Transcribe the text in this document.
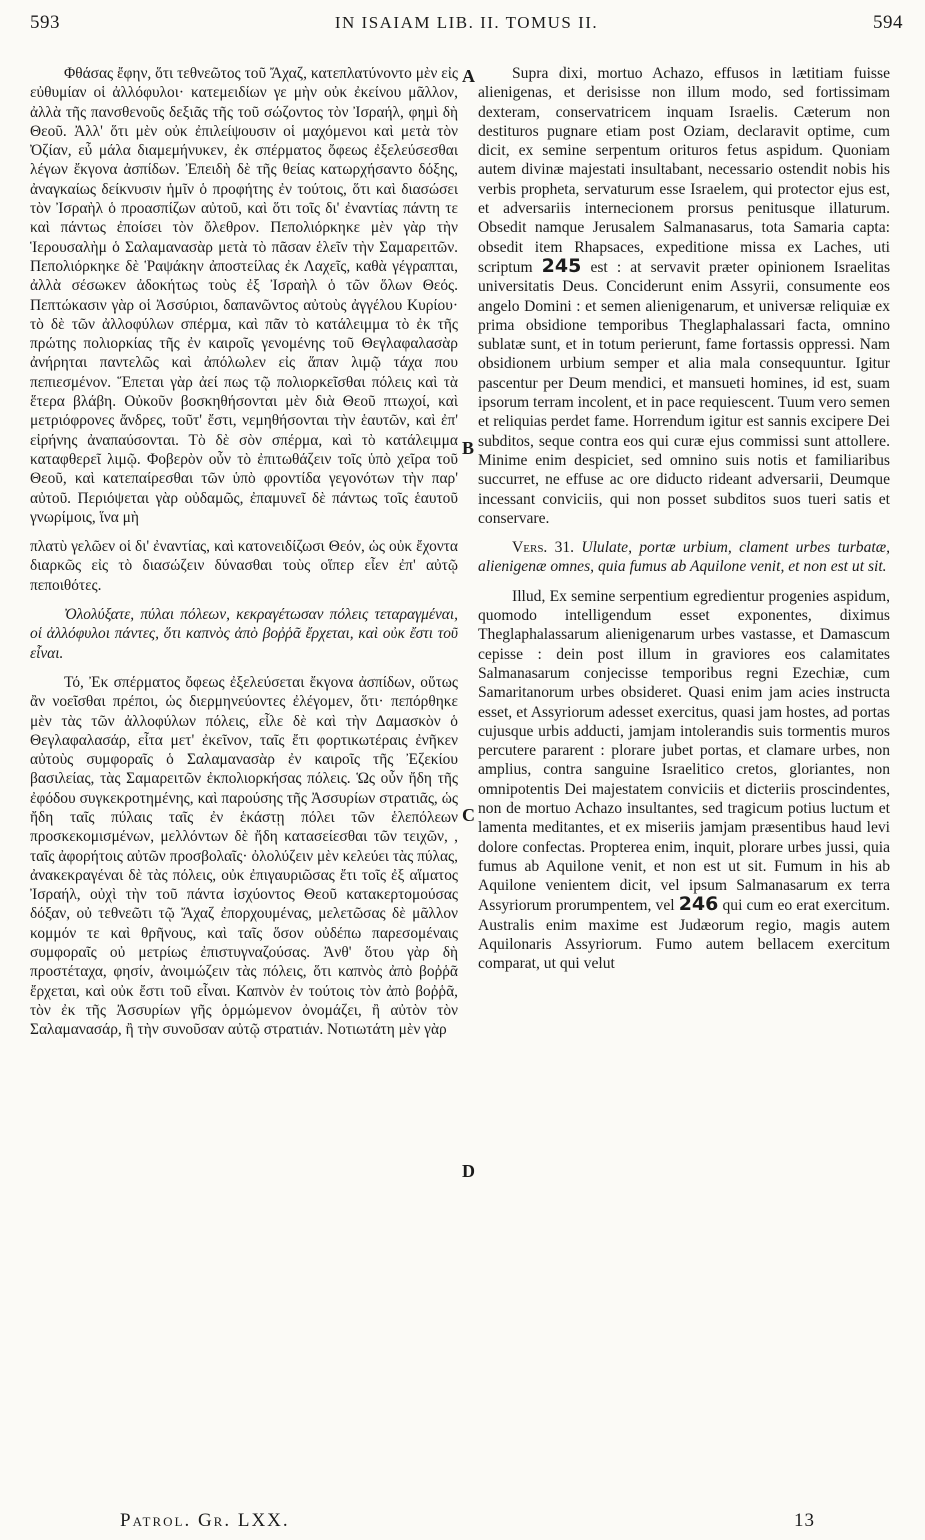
593	IN ISAIAM LIB. II. TOMUS II.	594

Φθάσας ἔφην, ὅτι τεθνεῶτος τοῦ Ἄχαζ, κατεπλατύνοντο μὲν εἰς εὐθυμίαν οἱ ἀλλόφυλοι· κατεμειδίων γε μὴν οὐκ ἐκείνου μᾶλλον, ἀλλὰ τῆς πανσθενοῦς δεξιᾶς τῆς τοῦ σώζοντος τὸν Ἰσραήλ, φημὶ δὴ Θεοῦ. Ἀλλ' ὅτι μὲν οὐκ ἐπιλείψουσιν οἱ μαχόμενοι καὶ μετὰ τὸν Ὀζίαν, εὖ μάλα διαμεμήνυκεν, ἐκ σπέρματος ὄφεως ἐξελεύσεσθαι λέγων ἔκγονα ἀσπίδων. Ἐπειδὴ δὲ τῆς θείας κατωρχήσαντο δόξης, ἀναγκαίως δείκνυσιν ἡμῖν ὁ προφήτης ἐν τούτοις, ὅτι καὶ διασώσει τὸν Ἰσραὴλ ὁ προασπίζων αὐτοῦ, καὶ ὅτι τοῖς δι' ἐναντίας πάντη τε καὶ πάντως ἐποίσει τὸν ὄλεθρον. Πεπολιόρκηκε μὲν γὰρ τὴν Ἱερουσαλὴμ ὁ Σαλαμανασὰρ μετὰ τὸ πᾶσαν ἑλεῖν τὴν Σαμαρειτῶν. Πεπολιόρκηκε δὲ Ῥαψάκην ἀποστείλας ἐκ Λαχεῖς, καθὰ γέγραπται, ἀλλὰ σέσωκεν ἀδοκήτως τοὺς ἐξ Ἰσραὴλ ὁ τῶν ὅλων Θεός. Πεπτώκασιν γὰρ οἱ Ἀσσύριοι, δαπανῶντος αὐτοὺς ἀγγέλου Κυρίου· τὸ δὲ τῶν ἀλλοφύλων σπέρμα, καὶ πᾶν τὸ κατάλειμμα τὸ ἐκ τῆς πρώτης πολιορκίας τῆς ἐν καιροῖς γενομένης τοῦ Θεγλαφαλασὰρ ἀνήρηται παντελῶς καὶ ἀπόλωλεν εἰς ἅπαν λιμῷ τάχα που πεπιεσμένον. Ἕπεται γὰρ ἀεί πως τῷ πολιορκεῖσθαι πόλεις καὶ τὰ ἕτερα βλάβη. Οὐκοῦν βοσκηθήσονται μὲν διὰ Θεοῦ πτωχοί, καὶ μετριόφρονες ἄνδρες, τοῦτ' ἔστι, νεμηθήσονται τὴν ἑαυτῶν, καὶ ἐπ' εἰρήνης ἀναπαύσονται. Τὸ δὲ σὸν σπέρμα, καὶ τὸ κατάλειμμα καταφθερεῖ λιμῷ. Φοβερὸν οὖν τὸ ἐπιτωθάζειν τοῖς ὑπὸ χεῖρα τοῦ Θεοῦ, καὶ κατεπαίρεσθαι τῶν ὑπὸ φροντίδα γεγονότων τὴν παρ' αὐτοῦ. Περιόψεται γὰρ οὐδαμῶς, ἐπαμυνεῖ δὲ πάντως τοῖς ἑαυτοῦ γνωρίμοις, ἵνα μὴ

πλατὺ γελῶεν οἱ δι' ἐναντίας, καὶ κατονειδίζωσι Θεόν, ὡς οὐκ ἔχοντα διαρκῶς εἰς τὸ διασώζειν δύνασθαι τοὺς οἵπερ εἶεν ἐπ' αὐτῷ πεποιθότες.

Ὀλολύξατε, πύλαι πόλεων, κεκραγέτωσαν πόλεις τεταραγμέναι, οἱ ἀλλόφυλοι πάντες, ὅτι καπνὸς ἀπὸ βοῤῥᾶ ἔρχεται, καὶ οὐκ ἔστι τοῦ εἶναι.

Τό, Ἐκ σπέρματος ὄφεως ἐξελεύσεται ἔκγονα ἀσπίδων, οὕτως ἂν νοεῖσθαι πρέποι, ὡς διερμηνεύοντες ἐλέγομεν, ὅτι· πεπόρθηκε μὲν τὰς τῶν ἀλλοφύλων πόλεις, εἷλε δὲ καὶ τὴν Δαμασκὸν ὁ Θεγλαφαλασάρ, εἶτα μετ' ἐκεῖνον, ταῖς ἔτι φορτικωτέραις ἐνῆκεν αὐτοὺς συμφοραῖς ὁ Σαλαμανασὰρ ἐν καιροῖς τῆς Ἐζεκίου βασιλείας, τὰς Σαμαρειτῶν ἐκπολιορκήσας πόλεις. Ὡς οὖν ἤδη τῆς ἐφόδου συγκεκροτημένης, καὶ παρούσης τῆς Ἀσσυρίων στρατιᾶς, ὡς ἤδη ταῖς πύλαις ταῖς ἐν ἑκάστῃ πόλει τῶν ἑλεπόλεων προσκεκομισμένων, μελλόντων δὲ ἤδη κατασείεσθαι τῶν τειχῶν, , ταῖς ἀφορήτοις αὐτῶν προσβολαῖς· ὀλολύζειν μὲν κελεύει τὰς πύλας, ἀνακεκραγέναι δὲ τὰς πόλεις, οὐκ ἐπιγαυριῶσας ἔτι τοῖς ἐξ αἵματος Ἰσραήλ, οὐχὶ τὴν τοῦ πάντα ἰσχύοντος Θεοῦ κατακερτομούσας δόξαν, οὐ τεθνεῶτι τῷ Ἄχαζ ἐπορχουμένας, μελετῶσας δὲ μᾶλλον κομμόν τε καὶ θρῆνους, καὶ ταῖς ὅσον οὐδέπω παρεσομέναις συμφοραῖς οὐ μετρίως ἐπιστυγναζούσας. Ἀνθ' ὅτου γὰρ δὴ προστέταχα, φησίν, ἀνοιμώζειν τὰς πόλεις, ὅτι καπνὸς ἀπὸ βοῤῥᾶ ἔρχεται, καὶ οὐκ ἔστι τοῦ εἶναι. Καπνὸν ἐν τούτοις τὸν ἀπὸ βοῤῥᾶ, τὸν ἐκ τῆς Ἀσσυρίων γῆς ὁρμώμενον ὀνομάζει, ἢ αὐτὸν τὸν Σαλαμανασάρ, ἢ τὴν συνοῦσαν αὐτῷ στρατιάν. Νοτιωτάτη μὲν γὰρ

Supra dixi, mortuo Achazo, effusos in lætitiam fuisse alienigenas, et derisisse non illum modo, sed fortissimam dexteram, conservatricem inquam Israelis. Cæterum non destituros pugnare etiam post Oziam, declaravit optime, cum dicit, ex semine serpentum orituros fetus aspidum. Quoniam autem divinæ majestati insultabant, necessario ostendit nobis his verbis propheta, servaturum esse Israelem, qui protector ejus est, et adversariis internecionem prorsus penitusque illaturum. Obsedit namque Jerusalem Salmanasarus, tota Samaria capta: obsedit item Rhapsaces, expeditione missa ex Laches, uti scriptum 245 est : at servavit præter opinionem Israelitas universitatis Deus. Conciderunt enim Assyrii, consumente eos angelo Domini : et semen alienigenarum, et universæ reliquiæ ex prima obsidione temporibus Theglaphalassari facta, omnino sublatæ sunt, et in totum perierunt, fame fortassis oppressi. Nam obsidionem urbium semper et alia mala consequuntur. Igitur pascentur per Deum mendici, et mansueti homines, id est, suam ipsorum terram incolent, et in pace requiescent. Tuum vero semen et reliquias perdet fame. Horrendum igitur est sannis excipere Dei subditos, seque contra eos qui curæ ejus commissi sunt attollere. Minime enim despiciet, sed omnino suis notis et familiaribus succurret, ne effuse ac ore diducto rideant adversarii, Deumque incessant conviciis, qui non posset subditos suos tueri satis et conservare.

Vers. 31. Ululate, portæ urbium, clament urbes turbatæ, alienigenæ omnes, quia fumus ab Aquilone venit, et non est ut sit.

Illud, Ex semine serpentium egredientur progenies aspidum, quomodo intelligendum esset exponentes, diximus Theglaphalassarum alienigenarum urbes vastasse, et Damascum cepisse : dein post illum in graviores eos calamitates Salmanasarum conjecisse temporibus regni Ezechiæ, cum Samaritanorum urbes obsideret. Quasi enim jam acies instructa esset, et Assyriorum adesset exercitus, quasi jam hostes, ad portas cujusque urbis adducti, jamjam intolerandis suis tormentis muros percutere pararent : plorare jubet portas, et clamare urbes, non amplius, contra sanguine Israelitico cretos, gloriantes, non omnipotentis Dei majestatem conviciis et dicteriis proscindentes, non de mortuo Achazo insultantes, sed tragicum potius luctum et lamenta meditantes, et ex miseriis jamjam præsentibus haud levi dolore confectas. Propterea enim, inquit, plorare urbes jussi, quia fumus ab Aquilone venit, et non est ut sit. Fumum in his ab Aquilone venientem dicit, vel ipsum Salmanasarum ex terra Assyriorum prorumpentem, vel 246 qui cum eo erat exercitum. Australis enim maxime est Judæorum regio, magis autem Aquilonaris Assyriorum. Fumo autem bellacem exercitum comparat, ut qui velut

A
B
C
D
Patrol. Gr. LXX.	13
